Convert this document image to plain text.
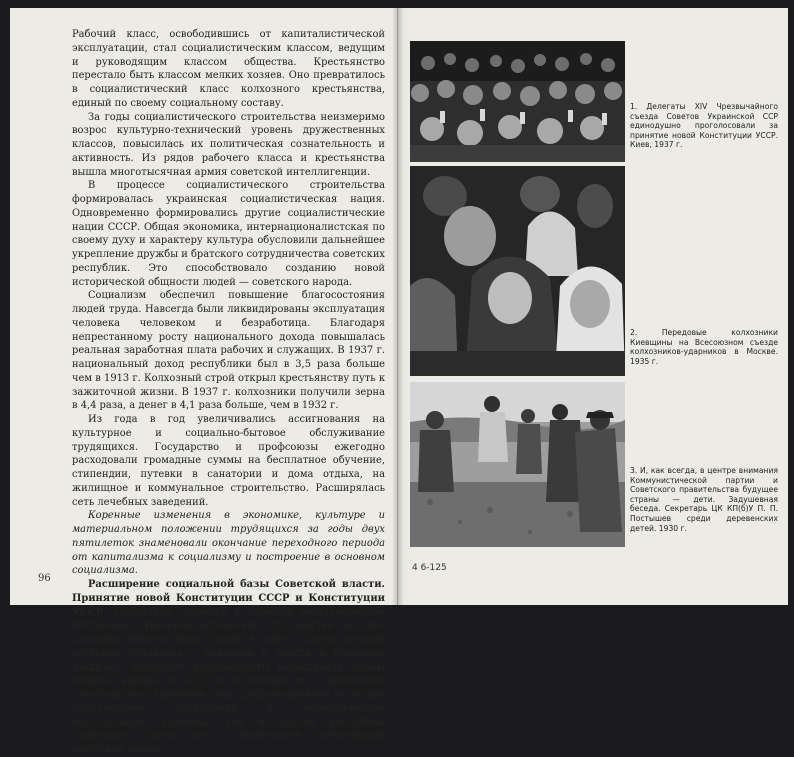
Рабочий класс, освободившись от капиталистической эксплуатации, стал социалистическим классом, ведущим и руководящим классом общества. Крестьянство перестало быть классом мелких хозяев. Оно превратилось в социалистический класс колхозного крестьянства, единый по своему социальному составу.

За годы социалистического строительства неизмеримо возрос культурно-технический уровень дружественных классов, повысилась их политическая сознательность и активность. Из рядов рабочего класса и крестьянства вышла многотысячная армия советской интеллигенции.

В процессе социалистического строительства формировалась украинская социалистическая нация. Одновременно формировались другие социалистические нации СССР. Общая экономика, интернационалистская по своему духу и характеру культура обусловили дальнейшее укрепление дружбы и братского сотрудничества советских республик. Это способствовало созданию новой исторической общности людей — советского народа.

Социализм обеспечил повышение благосостояния людей труда. Навсегда были ликвидированы эксплуатация человека человеком и безработица. Благодаря непрестанному росту национального дохода повышалась реальная заработная плата рабочих и служащих. В 1937 г. национальный доход республики был в 3,5 раза больше чем в 1913 г. Колхозный строй открыл крестьянству путь к зажиточной жизни. В 1937 г. колхозники получили зерна в 4,4 раза, а денег в 4,1 раза больше, чем в 1932 г.

Из года в год увеличивались ассигнования на культурное и социально-бытовое обслуживание трудящихся. Государство и профсоюзы ежегодно расходовали громадные суммы на бесплатное обучение, стипендии, путевки в санатории и дома отдыха, на жилищное и коммунальное строительство. Расширялась сеть лечебных заведений.

Коренные изменения в экономике, культуре и материальном положении трудящихся за годы двух пятилеток знаменовали окончание переходного периода от капитализма к социализму и построение в основном социализма.

Расширение социальной базы Советской власти. Принятие новой Конституции СССР и Конституции УССР. Социализм строился в сложной международной обстановке. Империалистические государства не раз пытались втянуть нашу страну в войну, угроза которой особенно усилилась с приходом к власти в Германии фашизма. Немецкие империалисты вынашивали планы отрыва Украины от СССР и включения ее в «жизненное пространство» Германии. Они предусматривали не только политическое подчинение и экономическую эксплуатацию Украины, как и других республик Советского Союза, но и физическое уничтожение советских людей.

96
1. Делегаты XIV Чрезвычайного съезда Советов Украинской ССР единодушно проголосовали за принятие новой Конституции УССР. Киев, 1937 г.
2. Передовые колхозники Киевщины на Всесоюзном съезде колхозников-ударников в Москве. 1935 г.
3. И, как всегда, в центре внимания Коммунистической партии и Советского правительства будущее страны — дети. Задушевная беседа. Секретарь ЦК КП(б)У П. П. Постышев среди деревенских детей. 1930 г.
4 6-125
